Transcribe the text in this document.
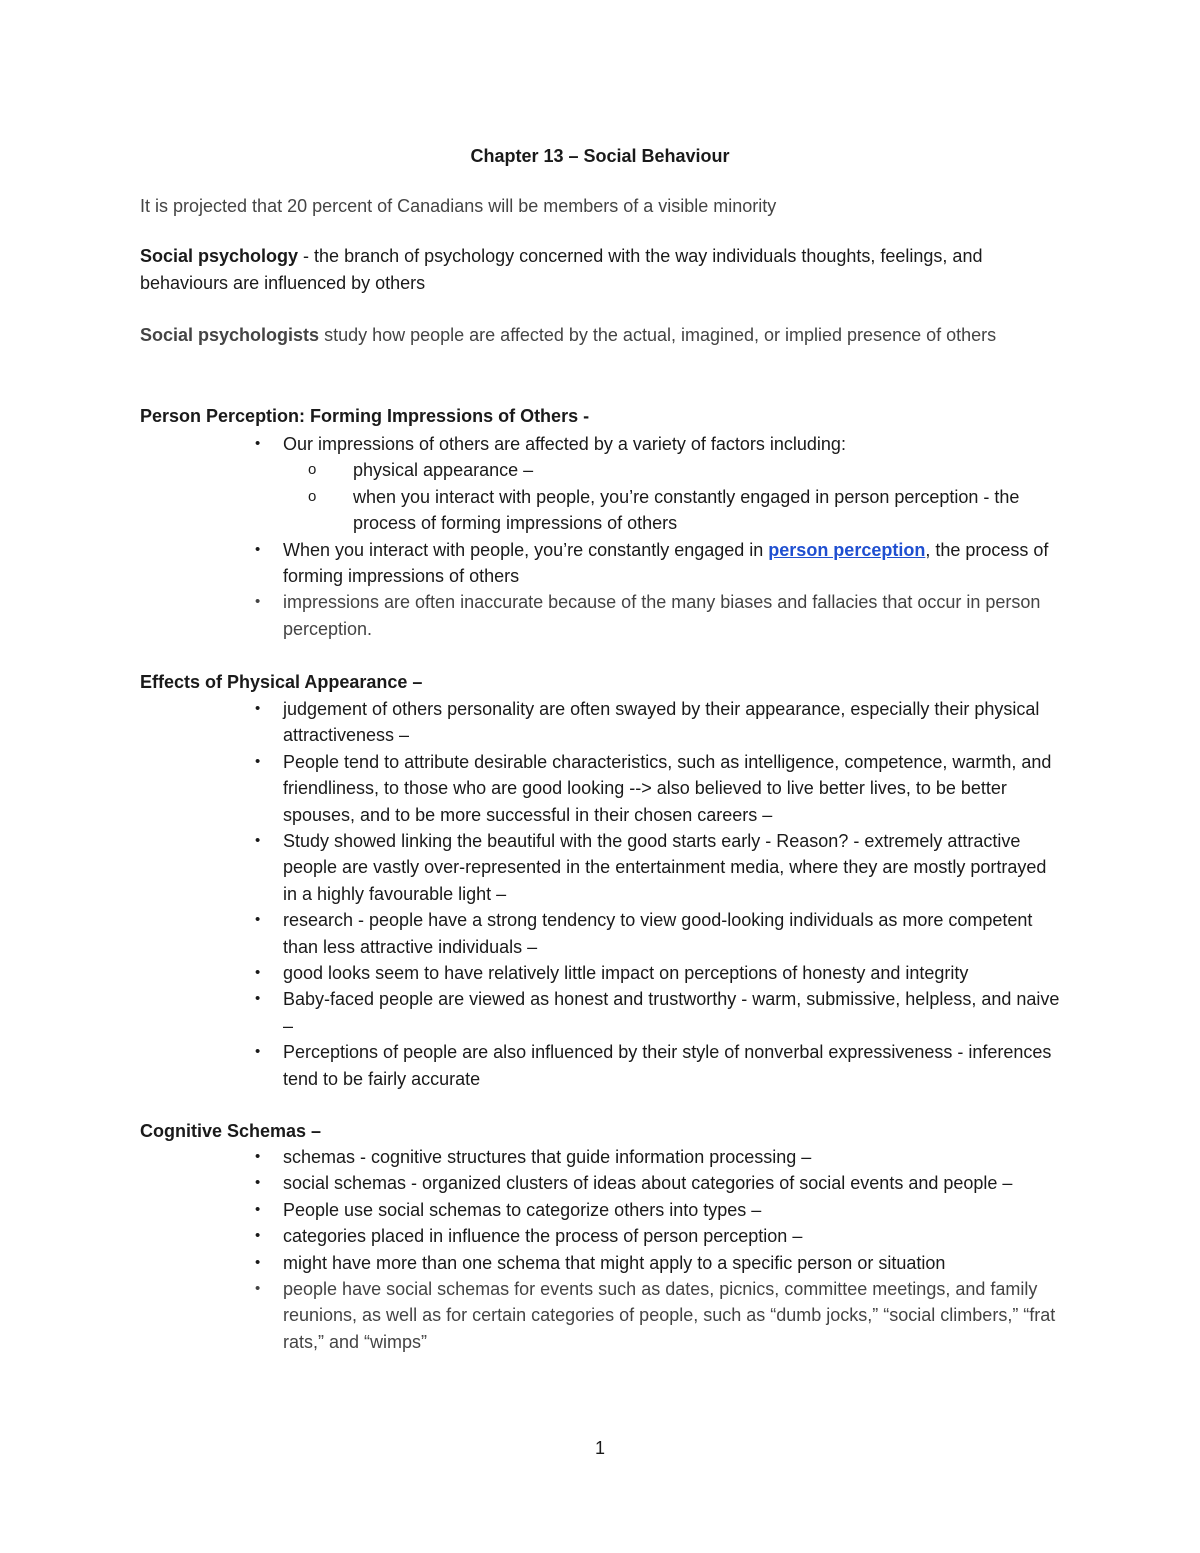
Chapter 13 – Social Behaviour

It is projected that 20 percent of Canadians will be members of a visible minority

Social psychology - the branch of psychology concerned with the way individuals thoughts, feelings, and behaviours are influenced by others

Social psychologists study how people are affected by the actual, imagined, or implied presence of others

Person Perception: Forming Impressions of Others -

• Our impressions of others are affected by a variety of factors including:
o physical appearance –
o when you interact with people, you’re constantly engaged in person perception - the process of forming impressions of others
• When you interact with people, you’re constantly engaged in person perception, the process of forming impressions of others
• impressions are often inaccurate because of the many biases and fallacies that occur in person perception.

Effects of Physical Appearance –

• judgement of others personality are often swayed by their appearance, especially their physical attractiveness –
• People tend to attribute desirable characteristics, such as intelligence, competence, warmth, and friendliness, to those who are good looking --> also believed to live better lives, to be better spouses, and to be more successful in their chosen careers –
• Study showed linking the beautiful with the good starts early - Reason? - extremely attractive people are vastly over-represented in the entertainment media, where they are mostly portrayed in a highly favourable light –
• research - people have a strong tendency to view good-looking individuals as more competent than less attractive individuals –
• good looks seem to have relatively little impact on perceptions of honesty and integrity
• Baby-faced people are viewed as honest and trustworthy - warm, submissive, helpless, and naive –
• Perceptions of people are also influenced by their style of nonverbal expressiveness - inferences tend to be fairly accurate

Cognitive Schemas –

• schemas - cognitive structures that guide information processing –
• social schemas - organized clusters of ideas about categories of social events and people –
• People use social schemas to categorize others into types –
• categories placed in influence the process of person perception –
• might have more than one schema that might apply to a specific person or situation
• people have social schemas for events such as dates, picnics, committee meetings, and family reunions, as well as for certain categories of people, such as “dumb jocks,” “social climbers,” “frat rats,” and “wimps”
1
